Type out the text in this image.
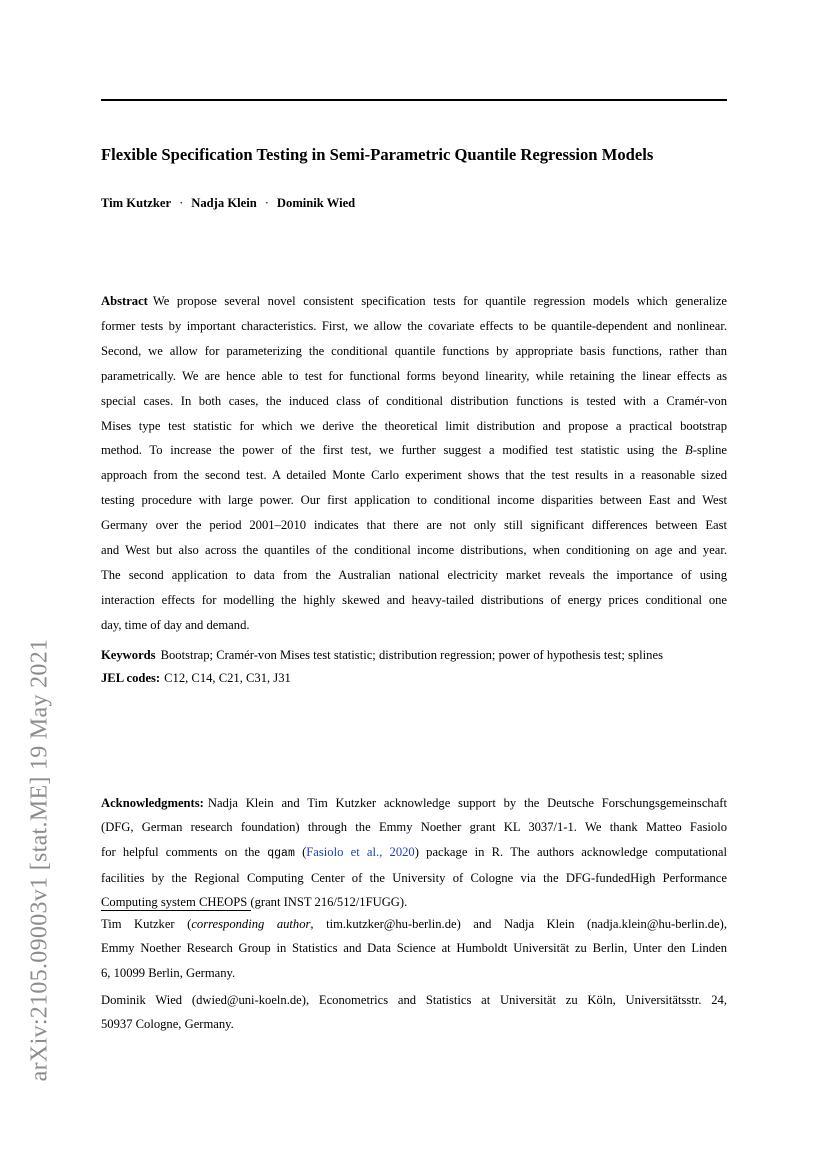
arXiv:2105.09003v1 [stat.ME] 19 May 2021
Flexible Specification Testing in Semi-Parametric Quantile Regression Models
Tim Kutzker · Nadja Klein · Dominik Wied
Abstract We propose several novel consistent specification tests for quantile regression models which generalize
former tests by important characteristics. First, we allow the covariate effects to be quantile-dependent and nonlinear.
Second, we allow for parameterizing the conditional quantile functions by appropriate basis functions, rather than
parametrically. We are hence able to test for functional forms beyond linearity, while retaining the linear effects as
special cases. In both cases, the induced class of conditional distribution functions is tested with a Cramér-von
Mises type test statistic for which we derive the theoretical limit distribution and propose a practical bootstrap
method. To increase the power of the first test, we further suggest a modified test statistic using the B-spline
approach from the second test. A detailed Monte Carlo experiment shows that the test results in a reasonable sized
testing procedure with large power. Our first application to conditional income disparities between East and West
Germany over the period 2001–2010 indicates that there are not only still significant differences between East
and West but also across the quantiles of the conditional income distributions, when conditioning on age and year.
The second application to data from the Australian national electricity market reveals the importance of using
interaction effects for modelling the highly skewed and heavy-tailed distributions of energy prices conditional one
day, time of day and demand.
Keywords Bootstrap; Cramér-von Mises test statistic; distribution regression; power of hypothesis test; splines
JEL codes: C12, C14, C21, C31, J31
Acknowledgments: Nadja Klein and Tim Kutzker acknowledge support by the Deutsche Forschungsgemeinschaft
(DFG, German research foundation) through the Emmy Noether grant KL 3037/1-1. We thank Matteo Fasiolo
for helpful comments on the qgam (Fasiolo et al., 2020) package in R. The authors acknowledge computational
facilities by the Regional Computing Center of the University of Cologne via the DFG-fundedHigh Performance
Computing system CHEOPS (grant INST 216/512/1FUGG).
Tim Kutzker (corresponding author, tim.kutzker@hu-berlin.de) and Nadja Klein (nadja.klein@hu-berlin.de),
Emmy Noether Research Group in Statistics and Data Science at Humboldt Universität zu Berlin, Unter den Linden
6, 10099 Berlin, Germany.
Dominik Wied (dwied@uni-koeln.de), Econometrics and Statistics at Universität zu Köln, Universitätsstr. 24,
50937 Cologne, Germany.
